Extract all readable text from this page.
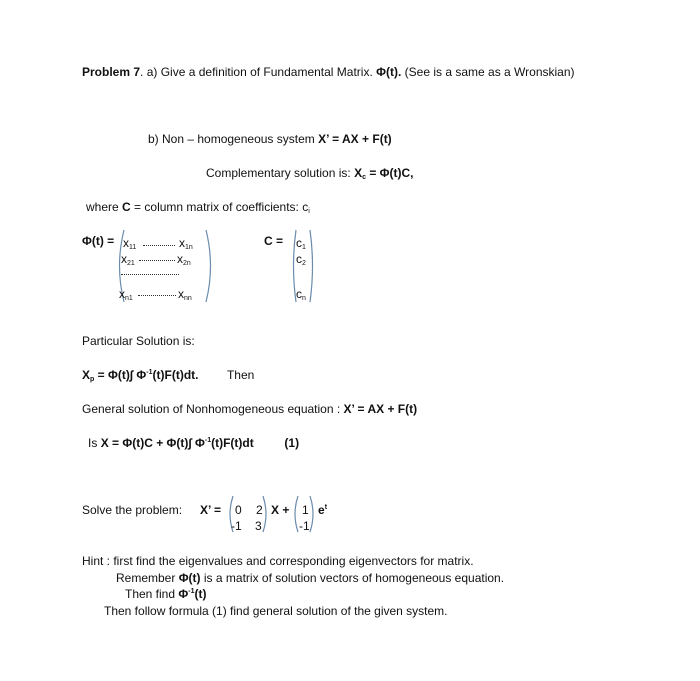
Problem 7. a) Give a definition of Fundamental Matrix. Φ(t). (See is a same as a Wronskian)
b) Non – homogeneous system X’ = AX + F(t)
Complementary solution is: $X_c = \Phi(t)C$,
where C = column matrix of coefficients: $c_i$
$\Phi(t) = x_{11}$	$x_{1n}$
$x_{21}$	$x_{2n}$
$x_{n1}$	$x_{nn}$
$C = c_1$
$c_2$
$c_n$
Particular Solution is:
$X_p = \Phi(t)\int$ $\Phi^{-1}(t)F(t)dt$. Then
General solution of Nonhomogeneous equation : X’ = AX + F(t)
Is X = Φ(t)C + Φ(t)∫ $\Phi^{-1}(t)F(t)dt$	(1)
Solve the problem: X’ = 0 2
-1 3
X + 1
-1
$e^t$
Hint : first find the eigenvalues and corresponding eigenvectors for matrix.
Remember Φ(t) is a matrix of solution vectors of homogeneous equation.
Then find $\Phi^{-1}(t)$
Then follow formula (1) find general solution of the given system.
